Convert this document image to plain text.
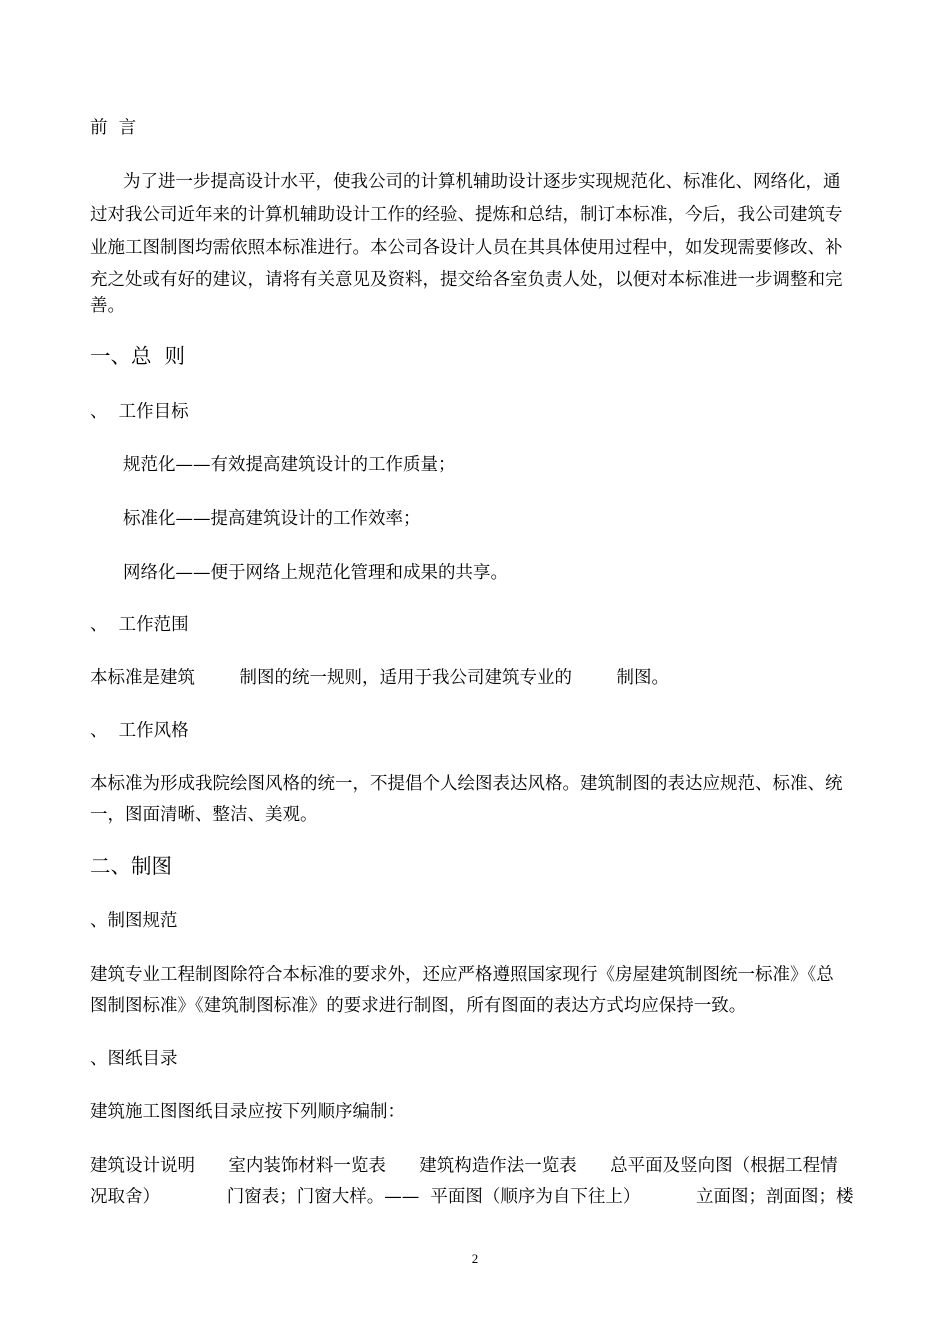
前  言
为了进一步提高设计水平，使我公司的计算机辅助设计逐步实现规范化、标准化、网络化，通
过对我公司近年来的计算机辅助设计工作的经验、提炼和总结，制订本标准，今后，我公司建筑专
业施工图制图均需依照本标准进行。本公司各设计人员在其具体使用过程中，如发现需要修改、补
充之处或有好的建议，请将有关意见及资料，提交给各室负责人处，以便对本标准进一步调整和完
善。
一、总  则
、  工作目标
规范化——有效提高建筑设计的工作质量；
标准化——提高建筑设计的工作效率；
网络化——便于网络上规范化管理和成果的共享。
、  工作范围
本标准是建筑        制图的统一规则，适用于我公司建筑专业的        制图。
、  工作风格
本标准为形成我院绘图风格的统一，不提倡个人绘图表达风格。建筑制图的表达应规范、标准、统
一，图面清晰、整洁、美观。
二、制图
、制图规范
建筑专业工程制图除符合本标准的要求外，还应严格遵照国家现行《房屋建筑制图统一标准》《总
图制图标准》《建筑制图标准》的要求进行制图，所有图面的表达方式均应保持一致。
、图纸目录
建筑施工图图纸目录应按下列顺序编制：
建筑设计说明      室内装饰材料一览表      建筑构造作法一览表      总平面及竖向图（根据工程情
况取舍）            门窗表；门窗大样。——  平面图（顺序为自下往上）          立面图；剖面图；楼
2
